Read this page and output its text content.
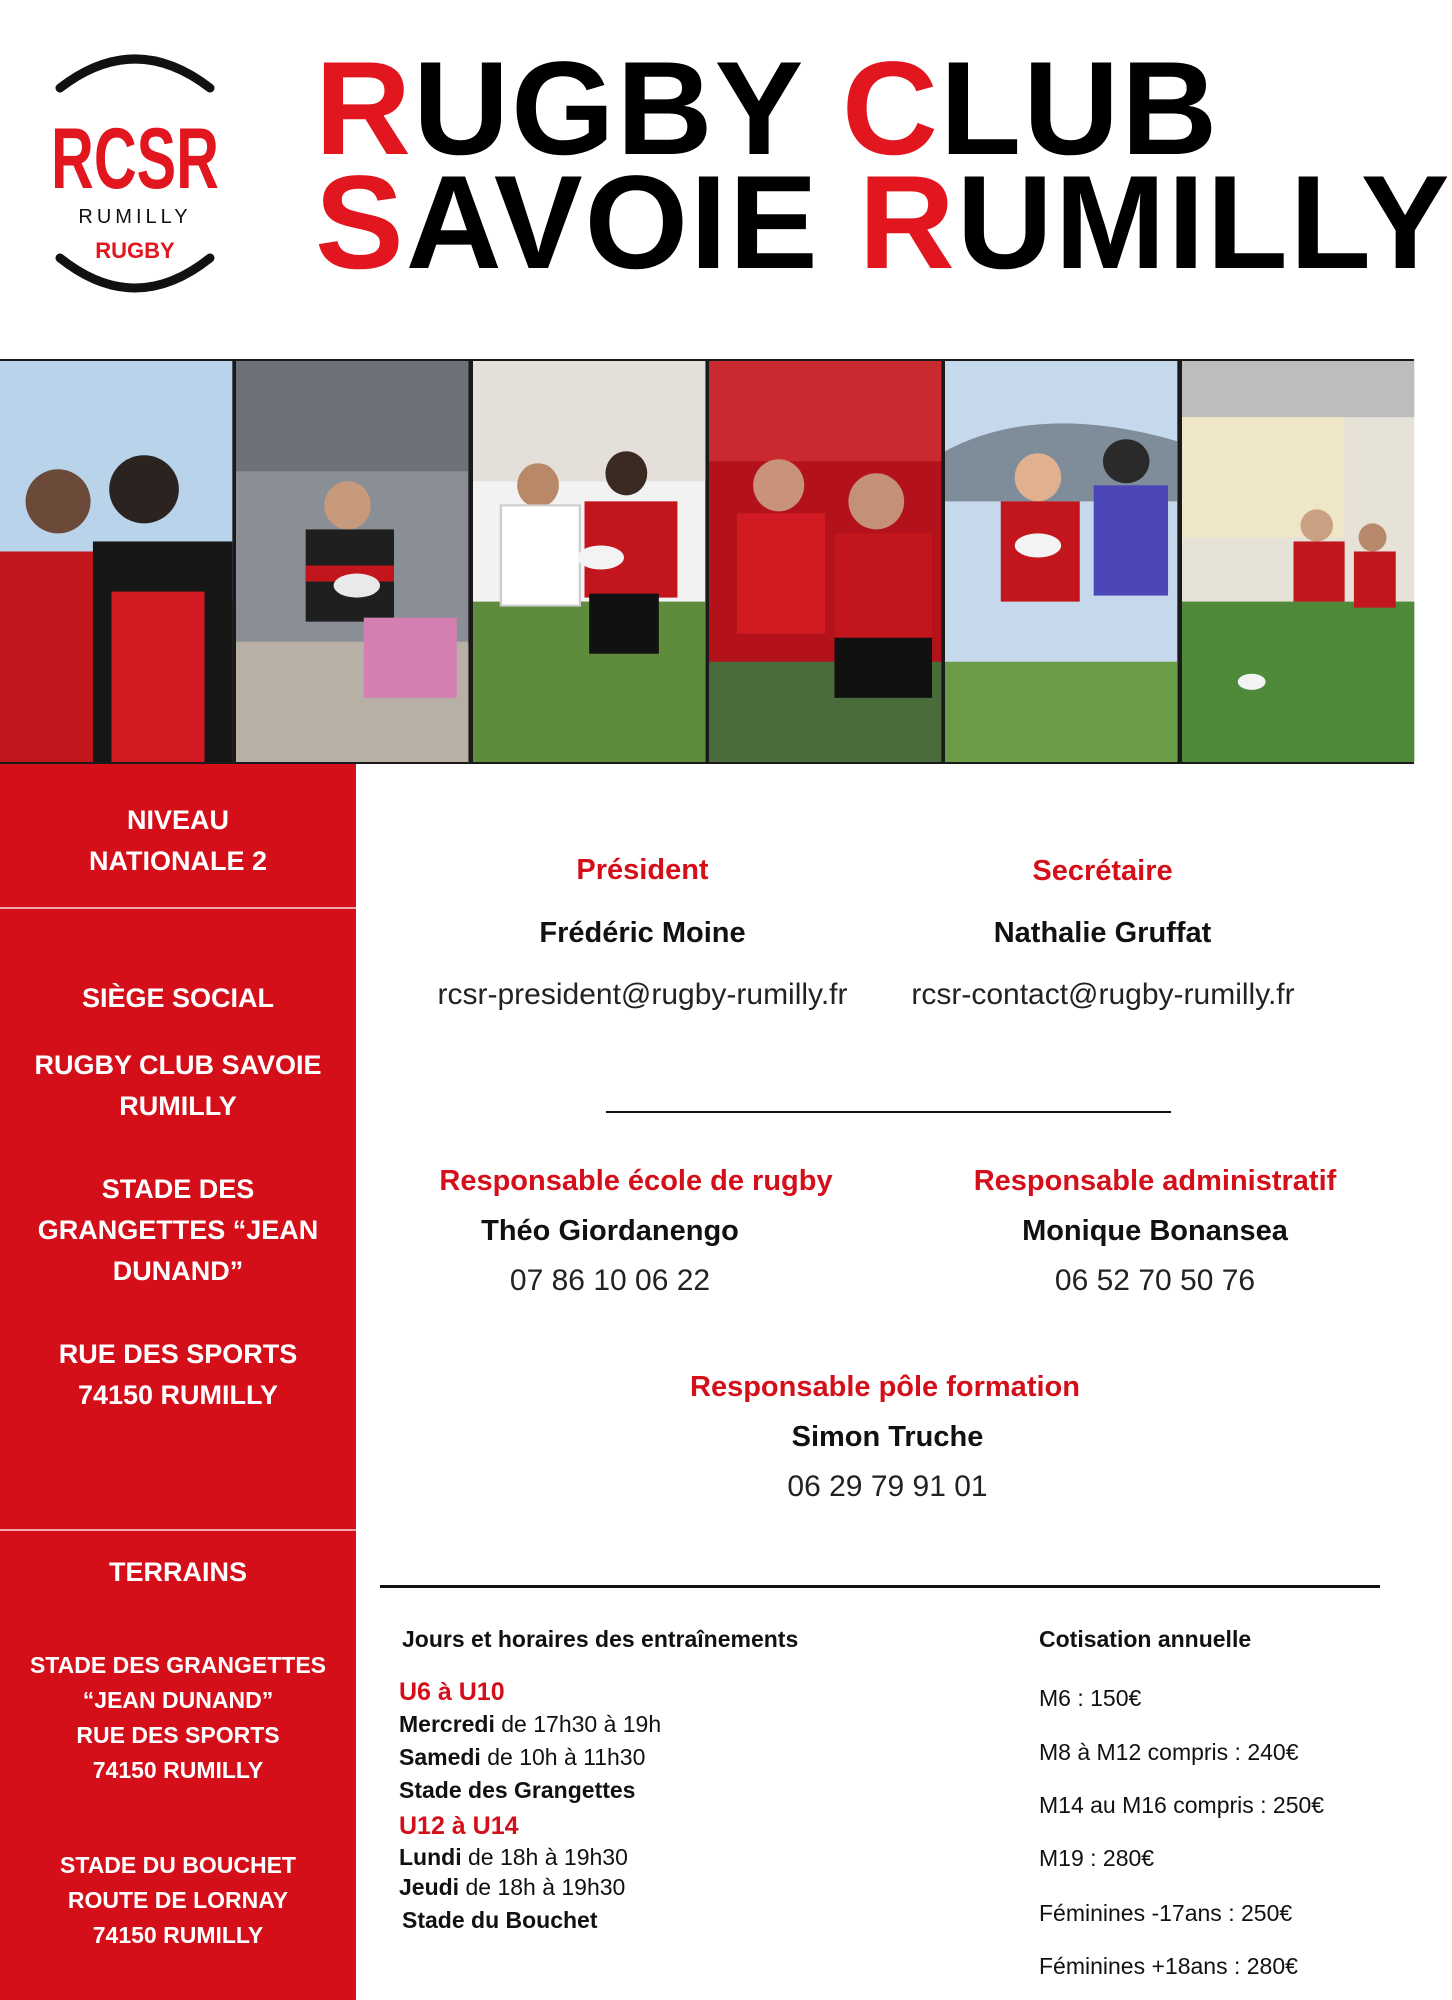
RCSR
RUMILLY
RUGBY
RUGBY CLUB
SAVOIE RUMILLY
NIVEAU
NATIONALE 2
SIÈGE SOCIAL
RUGBY CLUB SAVOIE
RUMILLY
STADE DES
GRANGETTES “JEAN
DUNAND”
RUE DES SPORTS
74150 RUMILLY
TERRAINS
STADE DES GRANGETTES
“JEAN DUNAND”
RUE DES SPORTS
74150 RUMILLY
STADE DU BOUCHET
ROUTE DE LORNAY
74150 RUMILLY
Président
Frédéric Moine
rcsr-president@rugby-rumilly.fr
Secrétaire
Nathalie Gruffat
rcsr-contact@rugby-rumilly.fr
Responsable école de rugby
Théo Giordanengo
07 86 10 06 22
Responsable administratif
Monique Bonansea
06 52 70 50 76
Responsable pôle formation
Simon Truche
06 29 79 91 01
Jours et horaires des entraînements
U6 à U10
Mercredi de 17h30 à 19h
Samedi de 10h à 11h30
Stade des Grangettes
U12 à U14
Lundi de 18h à 19h30
Jeudi de 18h à 19h30
Stade du Bouchet
Cotisation annuelle
M6 : 150€
M8 à M12 compris : 240€
M14 au M16 compris : 250€
M19 : 280€
Féminines -17ans : 250€
Féminines +18ans : 280€
